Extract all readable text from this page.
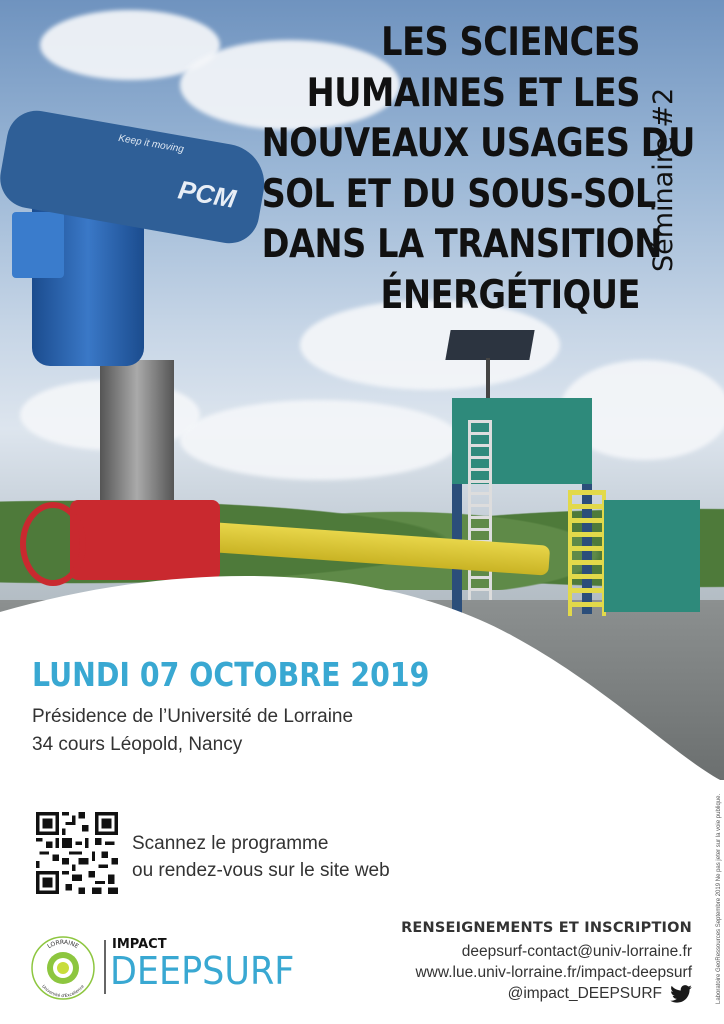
Keep it moving
PCM
LES SCIENCES
HUMAINES ET LES
NOUVEAUX USAGES DU
SOL ET DU SOUS-SOL
DANS LA TRANSITION
ÉNERGÉTIQUE
Séminaire #2
LUNDI 07 OCTOBRE 2019
Présidence de l’Université de Lorraine
34 cours Léopold, Nancy
Scannez le programme
ou rendez-vous sur le site web
LORRAINE
Université d'Excellence
IMPACT
DEEPSURF
RENSEIGNEMENTS ET INSCRIPTION
deepsurf-contact@univ-lorraine.fr
www.lue.univ-lorraine.fr/impact-deepsurf
@impact_DEEPSURF	Laboratoire GeoRessources Septembre 2019 Ne pas jeter sur la voie publique.
